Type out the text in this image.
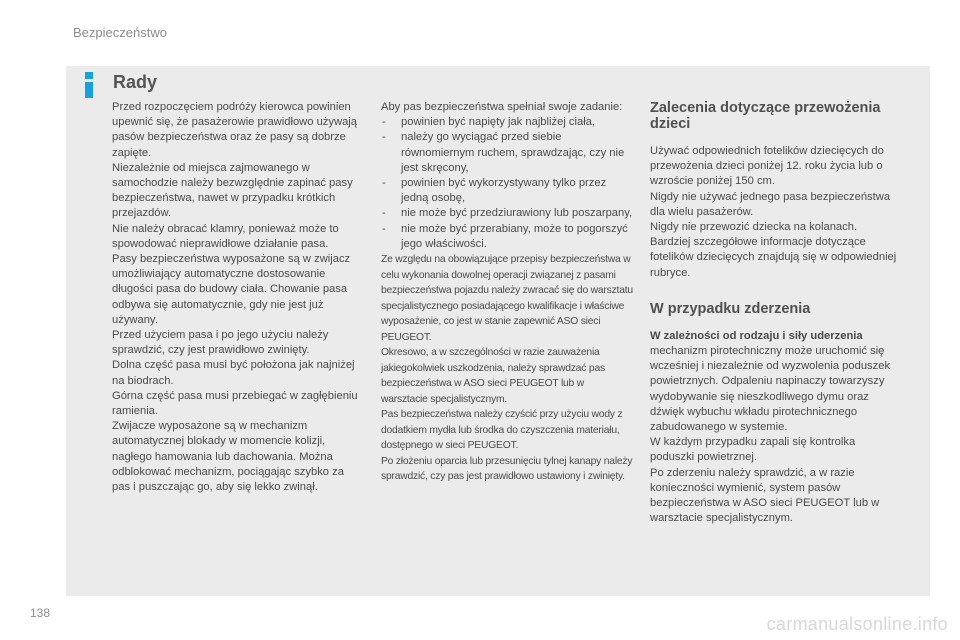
Bezpieczeństwo
Rady

Przed rozpoczęciem podróży kierowca powinien upewnić się, że pasażerowie prawidłowo używają pasów bezpieczeństwa oraz że pasy są dobrze zapięte.

Niezależnie od miejsca zajmowanego w samochodzie należy bezwzględnie zapinać pasy bezpieczeństwa, nawet w przypadku krótkich przejazdów.

Nie należy obracać klamry, ponieważ może to spowodować nieprawidłowe działanie pasa.

Pasy bezpieczeństwa wyposażone są w zwijacz umożliwiający automatyczne dostosowanie długości pasa do budowy ciała. Chowanie pasa odbywa się automatycznie, gdy nie jest już używany.

Przed użyciem pasa i po jego użyciu należy sprawdzić, czy jest prawidłowo zwinięty.

Dolna część pasa musi być położona jak najniżej na biodrach.

Górna część pasa musi przebiegać w zagłębieniu ramienia.

Zwijacze wyposażone są w mechanizm automatycznej blokady w momencie kolizji, nagłego hamowania lub dachowania. Można odblokować mechanizm, pociągając szybko za pas i puszczając go, aby się lekko zwinął.

Aby pas bezpieczeństwa spełniał swoje zadanie:

- powinien być napięty jak najbliżej ciała,
- należy go wyciągać przed siebie równomiernym ruchem, sprawdzając, czy nie jest skręcony,
- powinien być wykorzystywany tylko przez jedną osobę,
- nie może być przedziurawiony lub poszarpany,
- nie może być przerabiany, może to pogorszyć jego właściwości.

Ze względu na obowiązujące przepisy bezpieczeństwa w celu wykonania dowolnej operacji związanej z pasami bezpieczeństwa pojazdu należy zwracać się do warsztatu specjalistycznego posiadającego kwalifikacje i właściwe wyposażenie, co jest w stanie zapewnić ASO sieci PEUGEOT.

Okresowo, a w szczególności w razie zauważenia jakiegokolwiek uszkodzenia, należy sprawdzać pas bezpieczeństwa w ASO sieci PEUGEOT lub w warsztacie specjalistycznym.

Pas bezpieczeństwa należy czyścić przy użyciu wody z dodatkiem mydła lub środka do czyszczenia materiału, dostępnego w sieci PEUGEOT.

Po złożeniu oparcia lub przesunięciu tylnej kanapy należy sprawdzić, czy pas jest prawidłowo ustawiony i zwinięty.

Zalecenia dotyczące przewożenia dzieci

Używać odpowiednich fotelików dziecięcych do przewożenia dzieci poniżej 12. roku życia lub o wzroście poniżej 150 cm.

Nigdy nie używać jednego pasa bezpieczeństwa dla wielu pasażerów.

Nigdy nie przewozić dziecka na kolanach.

Bardziej szczegółowe informacje dotyczące fotelików dziecięcych znajdują się w odpowiedniej rubryce.

W przypadku zderzenia

W zależności od rodzaju i siły uderzenia mechanizm pirotechniczny może uruchomić się wcześniej i niezależnie od wyzwolenia poduszek powietrznych. Odpaleniu napinaczy towarzyszy wydobywanie się nieszkodliwego dymu oraz dźwięk wybuchu wkładu pirotechnicznego zabudowanego w systemie.

W każdym przypadku zapali się kontrolka poduszki powietrznej.

Po zderzeniu należy sprawdzić, a w razie konieczności wymienić, system pasów bezpieczeństwa w ASO sieci PEUGEOT lub w warsztacie specjalistycznym.

138
carmanualsonline.info
